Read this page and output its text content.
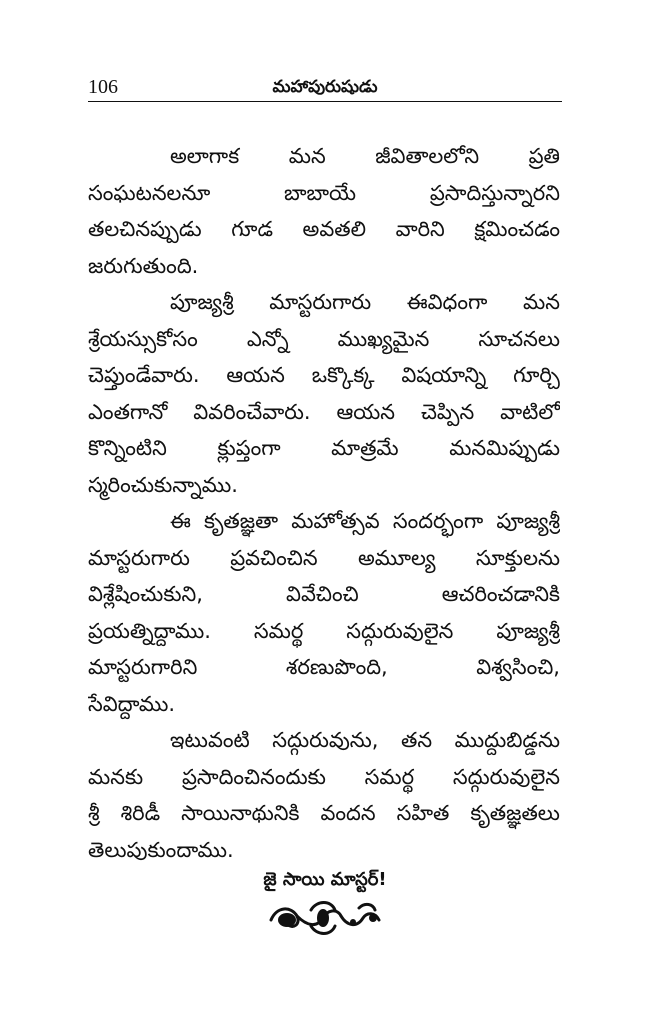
106	మహాపురుషుడు
అలాగాక మన జీవితాలలోని ప్రతి
సంఘటనలనూ	బాబాయే	ప్రసాదిస్తున్నారని
తలచినప్పుడు గూడ అవతలి వారిని క్షమించడం
జరుగుతుంది.
పూజ్యశ్రీ మాస్టరుగారు ఈవిధంగా మన
శ్రేయస్సుకోసం ఎన్నో ముఖ్యమైన సూచనలు
చెప్తుండేవారు. ఆయన ఒక్కొక్క విషయాన్ని గూర్చి
ఎంతగానో వివరించేవారు. ఆయన చెప్పిన వాటిలో
కొన్నింటిని క్లుప్తంగా మాత్రమే మనమిప్పుడు
స్మరించుకున్నాము.
ఈ కృతజ్ఞతా మహోత్సవ సందర్భంగా పూజ్యశ్రీ
మాస్టరుగారు ప్రవచించిన అమూల్య సూక్తులను
విశ్లేషించుకుని,	వివేచించి	ఆచరించడానికి
ప్రయత్నిద్దాము. సమర్థ సద్గురువులైన పూజ్యశ్రీ
మాస్టరుగారిని	శరణుపొంది,	విశ్వసించి,
సేవిద్దాము.
ఇటువంటి సద్గురువును, తన ముద్దుబిడ్డను
మనకు ప్రసాదించినందుకు సమర్థ సద్గురువులైన
శ్రీ శిరిడీ సాయినాథునికి వందన సహిత కృతజ్ఞతలు
తెలుపుకుందాము.
జై సాయి మాస్టర్!
